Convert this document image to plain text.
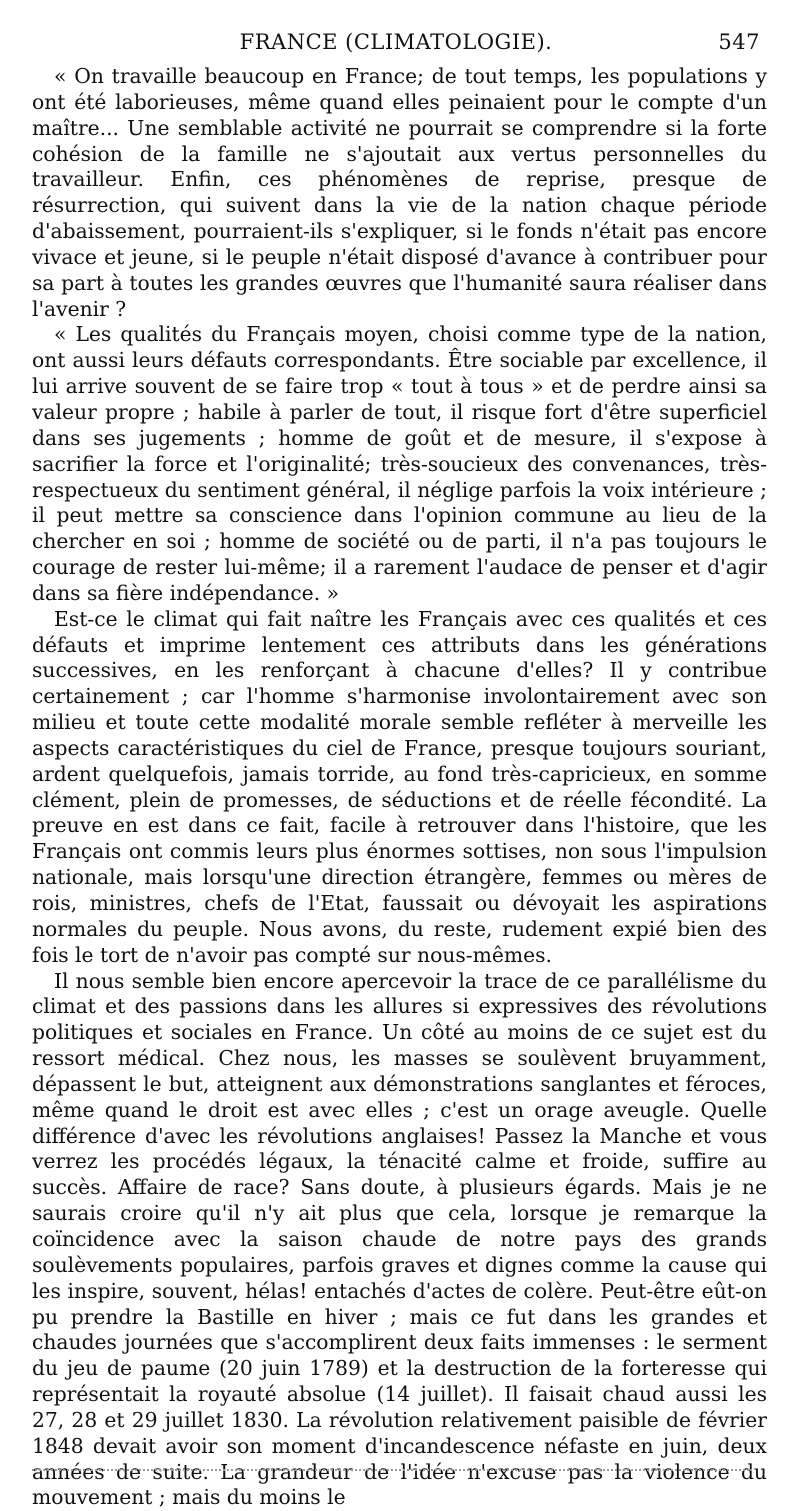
FRANCE (CLIMATOLOGIE).	547

« On travaille beaucoup en France; de tout temps, les populations y ont été laborieuses, même quand elles peinaient pour le compte d'un maître... Une semblable activité ne pourrait se comprendre si la forte cohésion de la famille ne s'ajoutait aux vertus personnelles du travailleur. Enfin, ces phénomènes de reprise, presque de résurrection, qui suivent dans la vie de la nation chaque période d'abaissement, pourraient-ils s'expliquer, si le fonds n'était pas encore vivace et jeune, si le peuple n'était disposé d'avance à contribuer pour sa part à toutes les grandes œuvres que l'humanité saura réaliser dans l'avenir ?

« Les qualités du Français moyen, choisi comme type de la nation, ont aussi leurs défauts correspondants. Être sociable par excellence, il lui arrive souvent de se faire trop « tout à tous » et de perdre ainsi sa valeur propre ; habile à parler de tout, il risque fort d'être superficiel dans ses jugements ; homme de goût et de mesure, il s'expose à sacrifier la force et l'originalité; très-soucieux des convenances, très-respectueux du sentiment général, il néglige parfois la voix intérieure ; il peut mettre sa conscience dans l'opinion commune au lieu de la chercher en soi ; homme de société ou de parti, il n'a pas toujours le courage de rester lui-même; il a rarement l'audace de penser et d'agir dans sa fière indépendance. »

Est-ce le climat qui fait naître les Français avec ces qualités et ces défauts et imprime lentement ces attributs dans les générations successives, en les renforçant à chacune d'elles? Il y contribue certainement ; car l'homme s'harmonise involontairement avec son milieu et toute cette modalité morale semble refléter à merveille les aspects caractéristiques du ciel de France, presque toujours souriant, ardent quelquefois, jamais torride, au fond très-capricieux, en somme clément, plein de promesses, de séductions et de réelle fécondité. La preuve en est dans ce fait, facile à retrouver dans l'histoire, que les Français ont commis leurs plus énormes sottises, non sous l'impulsion nationale, mais lorsqu'une direction étrangère, femmes ou mères de rois, ministres, chefs de l'Etat, faussait ou dévoyait les aspirations normales du peuple. Nous avons, du reste, rudement expié bien des fois le tort de n'avoir pas compté sur nous-mêmes.

Il nous semble bien encore apercevoir la trace de ce parallélisme du climat et des passions dans les allures si expressives des révolutions politiques et sociales en France. Un côté au moins de ce sujet est du ressort médical. Chez nous, les masses se soulèvent bruyamment, dépassent le but, atteignent aux démonstrations sanglantes et féroces, même quand le droit est avec elles ; c'est un orage aveugle. Quelle différence d'avec les révolutions anglaises! Passez la Manche et vous verrez les procédés légaux, la ténacité calme et froide, suffire au succès. Affaire de race? Sans doute, à plusieurs égards. Mais je ne saurais croire qu'il n'y ait plus que cela, lorsque je remarque la coïncidence avec la saison chaude de notre pays des grands soulèvements populaires, parfois graves et dignes comme la cause qui les inspire, souvent, hélas! entachés d'actes de colère. Peut-être eût-on pu prendre la Bastille en hiver ; mais ce fut dans les grandes et chaudes journées que s'accomplirent deux faits immenses : le serment du jeu de paume (20 juin 1789) et la destruction de la forteresse qui représentait la royauté absolue (14 juillet). Il faisait chaud aussi les 27, 28 et 29 juillet 1830. La révolution relativement paisible de février 1848 devait avoir son moment d'incandescence néfaste en juin, deux années de suite. La grandeur de l'idée n'excuse pas la violence du mouvement ; mais du moins le
